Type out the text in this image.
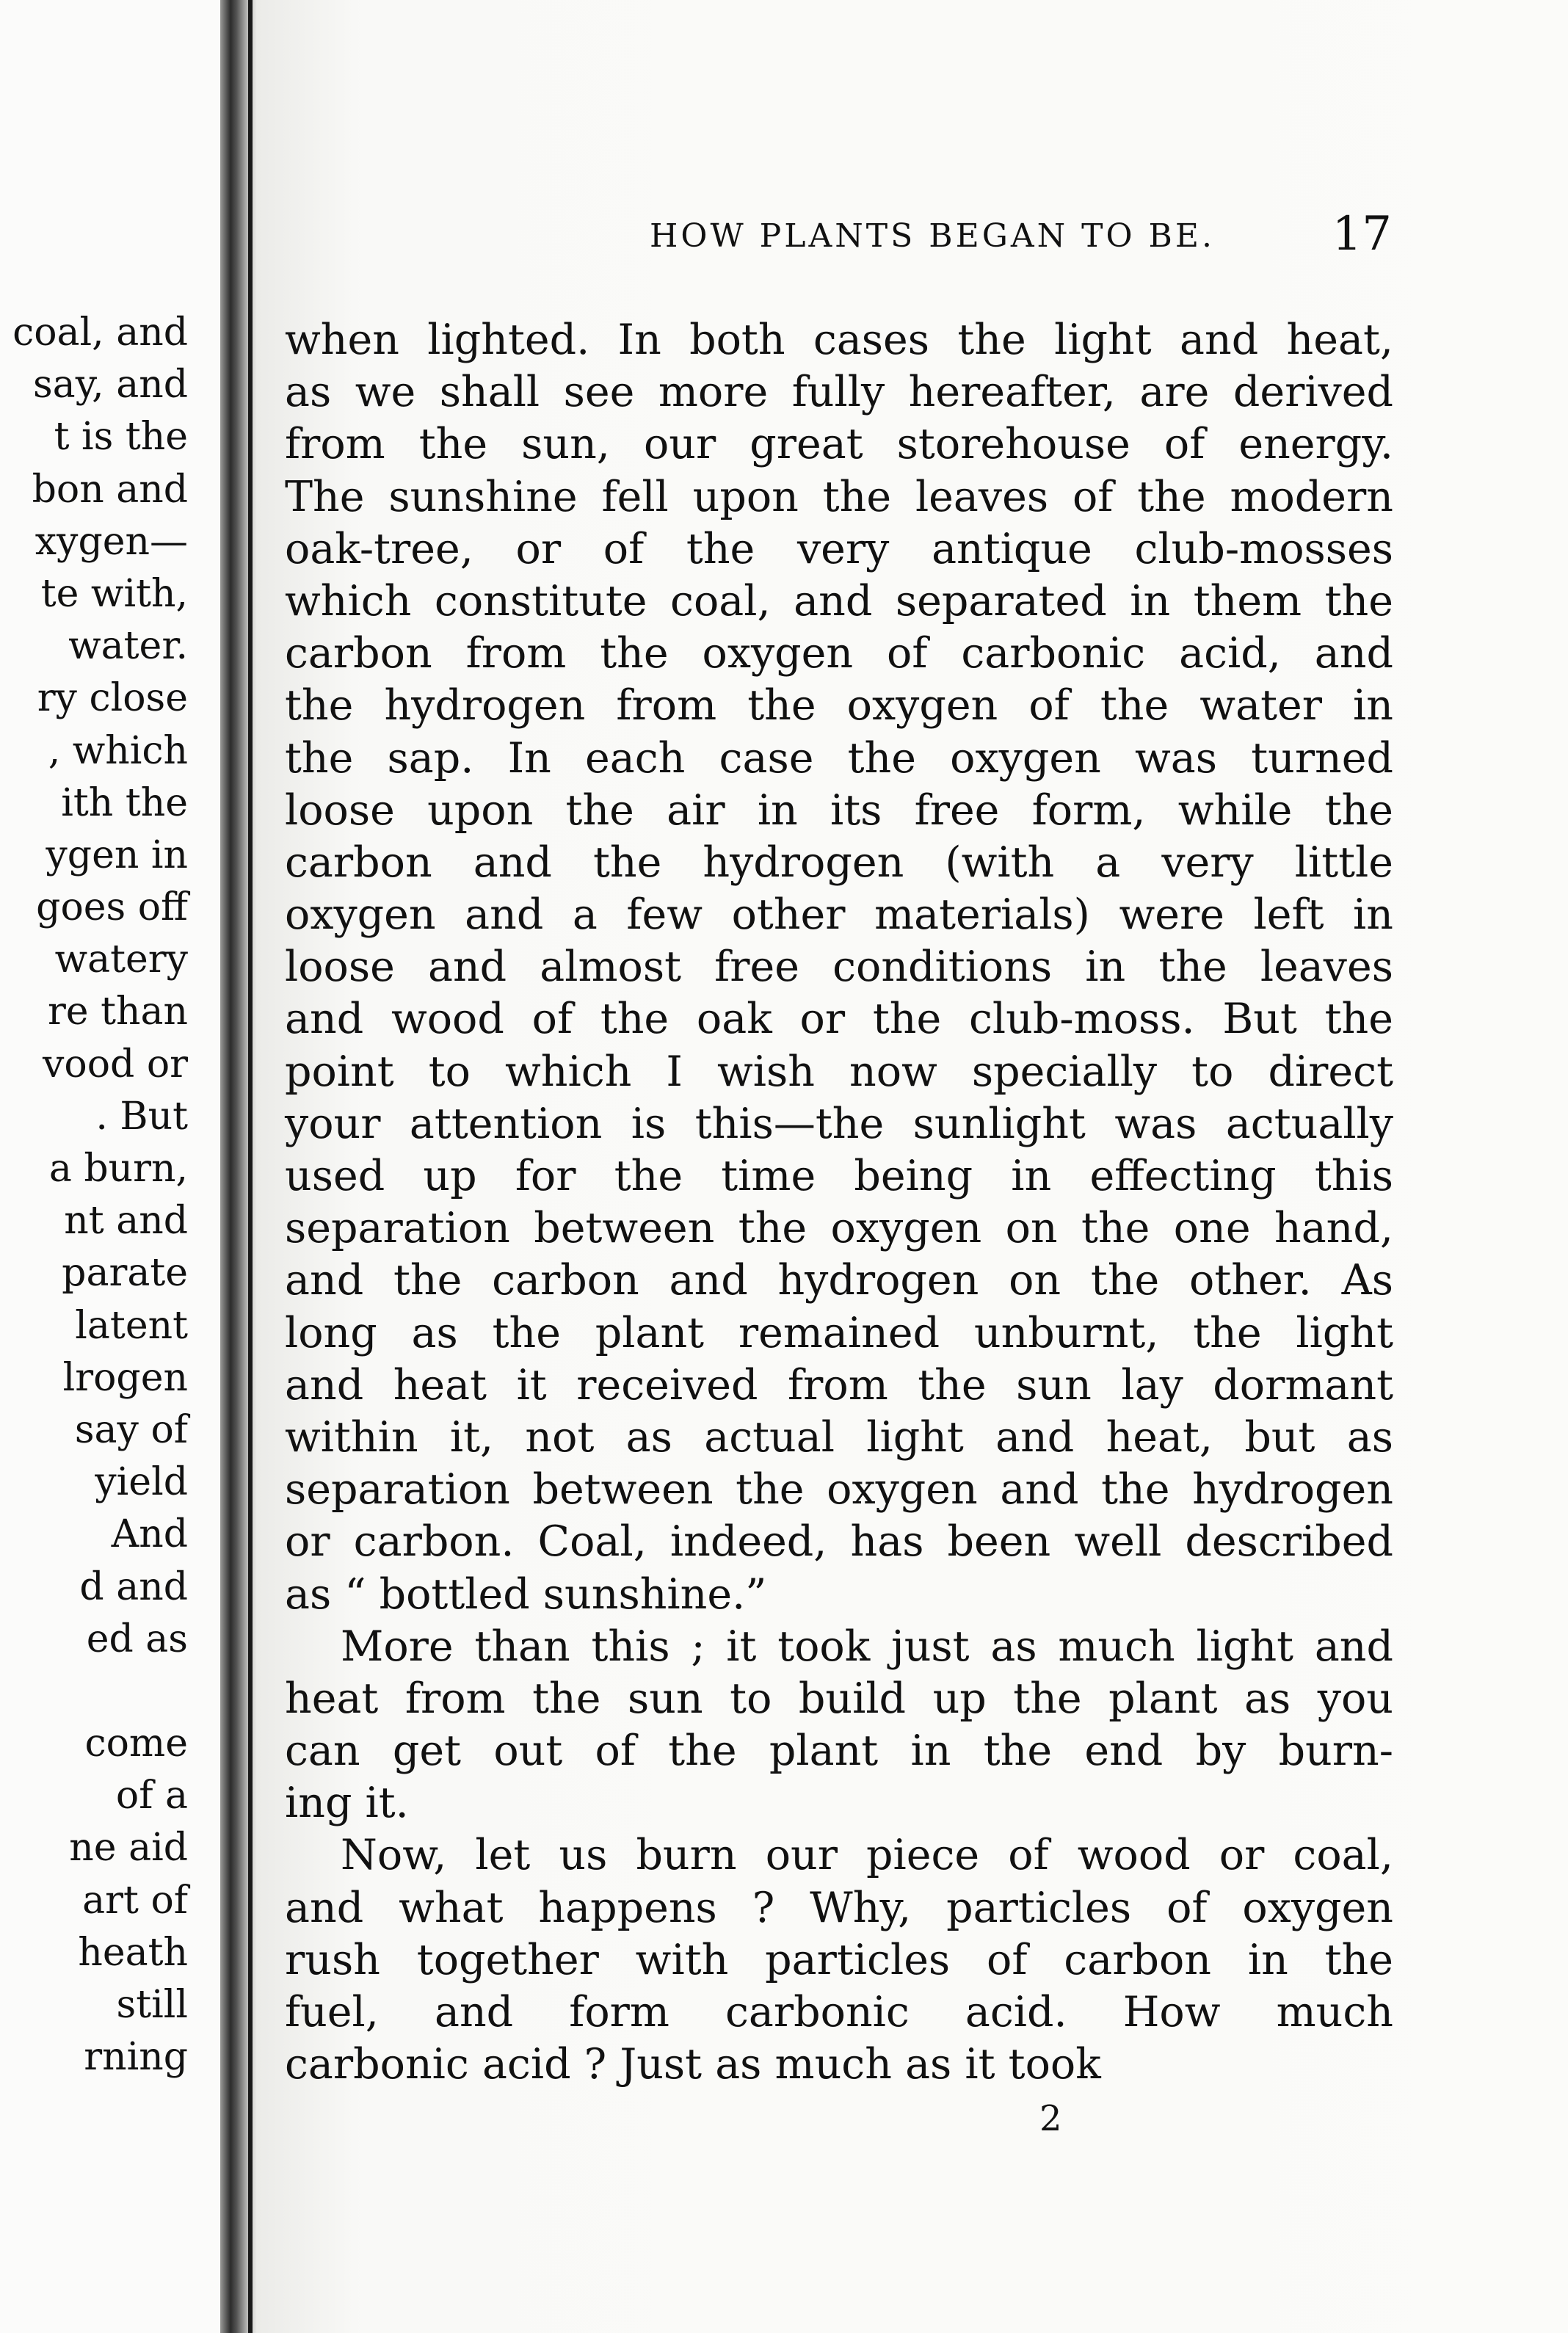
coal, and
say, and
t is the
bon and
xygen—
te with,
water.
ry close
, which
ith the
ygen in
goes off
watery
re than
vood or
. But
a burn,
nt and
parate
latent
lrogen
say of
yield
And
d and
ed as
come
of a
ne aid
art of
heath
still
rning
HOW PLANTS BEGAN TO BE.	17
when lighted. In both cases the light and heat,
as we shall see more fully hereafter, are derived
from the sun, our great storehouse of energy.
The sunshine fell upon the leaves of the modern
oak-tree, or of the very antique club-mosses
which constitute coal, and separated in them the
carbon from the oxygen of carbonic acid, and
the hydrogen from the oxygen of the water in
the sap. In each case the oxygen was turned
loose upon the air in its free form, while the
carbon and the hydrogen (with a very little
oxygen and a few other materials) were left in
loose and almost free conditions in the leaves
and wood of the oak or the club-moss. But the
point to which I wish now specially to direct
your attention is this—the sunlight was actually
used up for the time being in effecting this
separation between the oxygen on the one hand,
and the carbon and hydrogen on the other. As
long as the plant remained unburnt, the light
and heat it received from the sun lay dormant
within it, not as actual light and heat, but as
separation between the oxygen and the hydrogen
or carbon. Coal, indeed, has been well described
as “ bottled sunshine.”
More than this ; it took just as much light and
heat from the sun to build up the plant as you
can get out of the plant in the end by burn-
ing it.
Now, let us burn our piece of wood or coal,
and what happens ? Why, particles of oxygen
rush together with particles of carbon in the
fuel, and form carbonic acid. How much
carbonic acid ? Just as much as it took
2
